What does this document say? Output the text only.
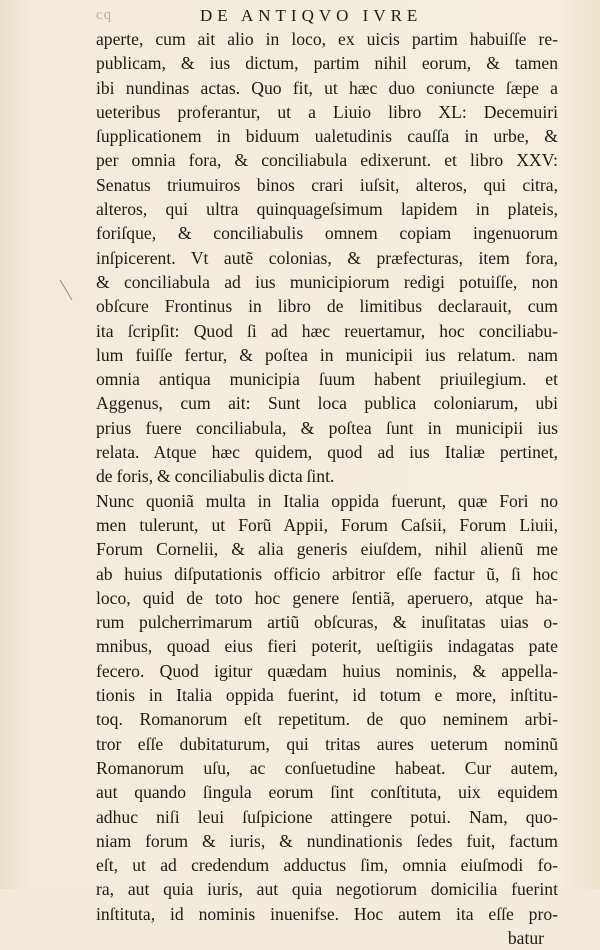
cq	DE ANTIQVO IVRE
aperte, cum ait alio in loco, ex uicis partim habuiſſe re-
publicam, & ius dictum, partim nihil eorum, & tamen
ibi nundinas actas. Quo fit, ut hæc duo coniuncte ſæpe a
ueteribus proferantur, ut a Liuio libro XL: Decemuiri
ſupplicationem in biduum ualetudinis cauſſa in urbe, &
per omnia fora, & conciliabula edixerunt. et libro XXV:
Senatus triumuiros binos crari iuſsit, alteros, qui citra,
alteros, qui ultra quinquageſsimum lapidem in plateis,
foriſque, & conciliabulis omnem copiam ingenuorum
inſpicerent. Vt autẽ colonias, & præfecturas, item fora,
& conciliabula ad ius municipiorum redigi potuiſſe, non
obſcure Frontinus in libro de limitibus declarauit, cum
ita ſcripſit: Quod ſi ad hæc reuertamur, hoc conciliabu-
lum fuiſſe fertur, & poſtea in municipii ius relatum. nam
omnia antiqua municipia ſuum habent priuilegium. et
Aggenus, cum ait: Sunt loca publica coloniarum, ubi
prius fuere conciliabula, & poſtea ſunt in municipii ius
relata. Atque hæc quidem, quod ad ius Italiæ pertinet,
de foris, & conciliabulis dicta ſint.
Nunc quoniã multa in Italia oppida fuerunt, quæ Fori no
men tulerunt, ut Forũ Appii, Forum Caſsii, Forum Liuii,
Forum Cornelii, & alia generis eiuſdem, nihil alienũ me
ab huius diſputationis officio arbitror eſſe factur ũ, ſi hoc
loco, quid de toto hoc genere ſentiã, aperuero, atque ha-
rum pulcherrimarum artiũ obſcuras, & inuſitatas uias o-
mnibus, quoad eius fieri poterit, ueſtigiis indagatas pate
fecero. Quod igitur quædam huius nominis, & appella-
tionis in Italia oppida fuerint, id totum e more, inſtitu-
toq. Romanorum eſt repetitum. de quo neminem arbi-
tror eſſe dubitaturum, qui tritas aures ueterum nominũ
Romanorum uſu, ac conſuetudine habeat. Cur autem,
aut quando ſingula eorum ſint conſtituta, uix equidem
adhuc niſi leui ſuſpicione attingere potui. Nam, quo-
niam forum & iuris, & nundinationis ſedes fuit, factum
eſt, ut ad credendum adductus ſim, omnia eiuſmodi fo-
ra, aut quia iuris, aut quia negotiorum domicilia fuerint
inſtituta, id nominis inuenifse. Hoc autem ita eſſe pro-
batur
